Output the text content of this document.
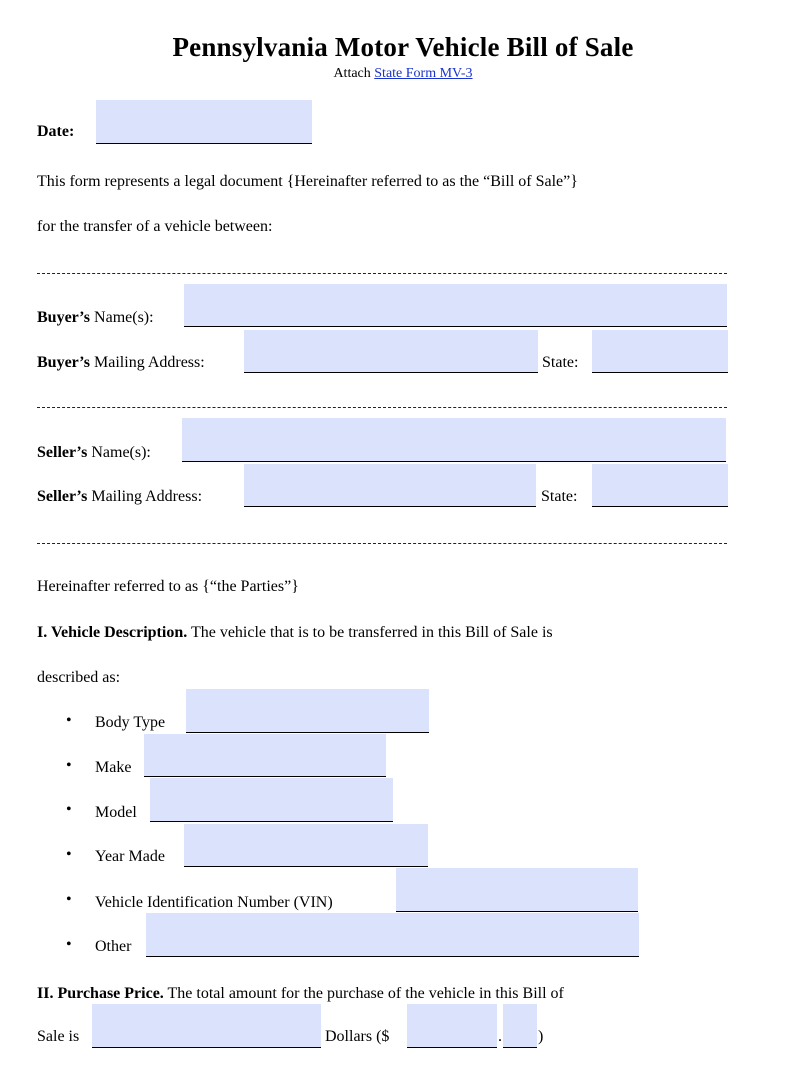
Pennsylvania Motor Vehicle Bill of Sale
Attach State Form MV-3
Date:
This form represents a legal document {Hereinafter referred to as the “Bill of Sale”}
for the transfer of a vehicle between:
Buyer’s Name(s):
Buyer’s Mailing Address:	State:
Seller’s Name(s):
Seller’s Mailing Address:	State:
Hereinafter referred to as {“the Parties”}
I. Vehicle Description. The vehicle that is to be transferred in this Bill of Sale is
described as:
• Body Type
• Make
• Model
• Year Made
• Vehicle Identification Number (VIN)
• Other
II. Purchase Price. The total amount for the purchase of the vehicle in this Bill of
Sale is	Dollars ($	. )
